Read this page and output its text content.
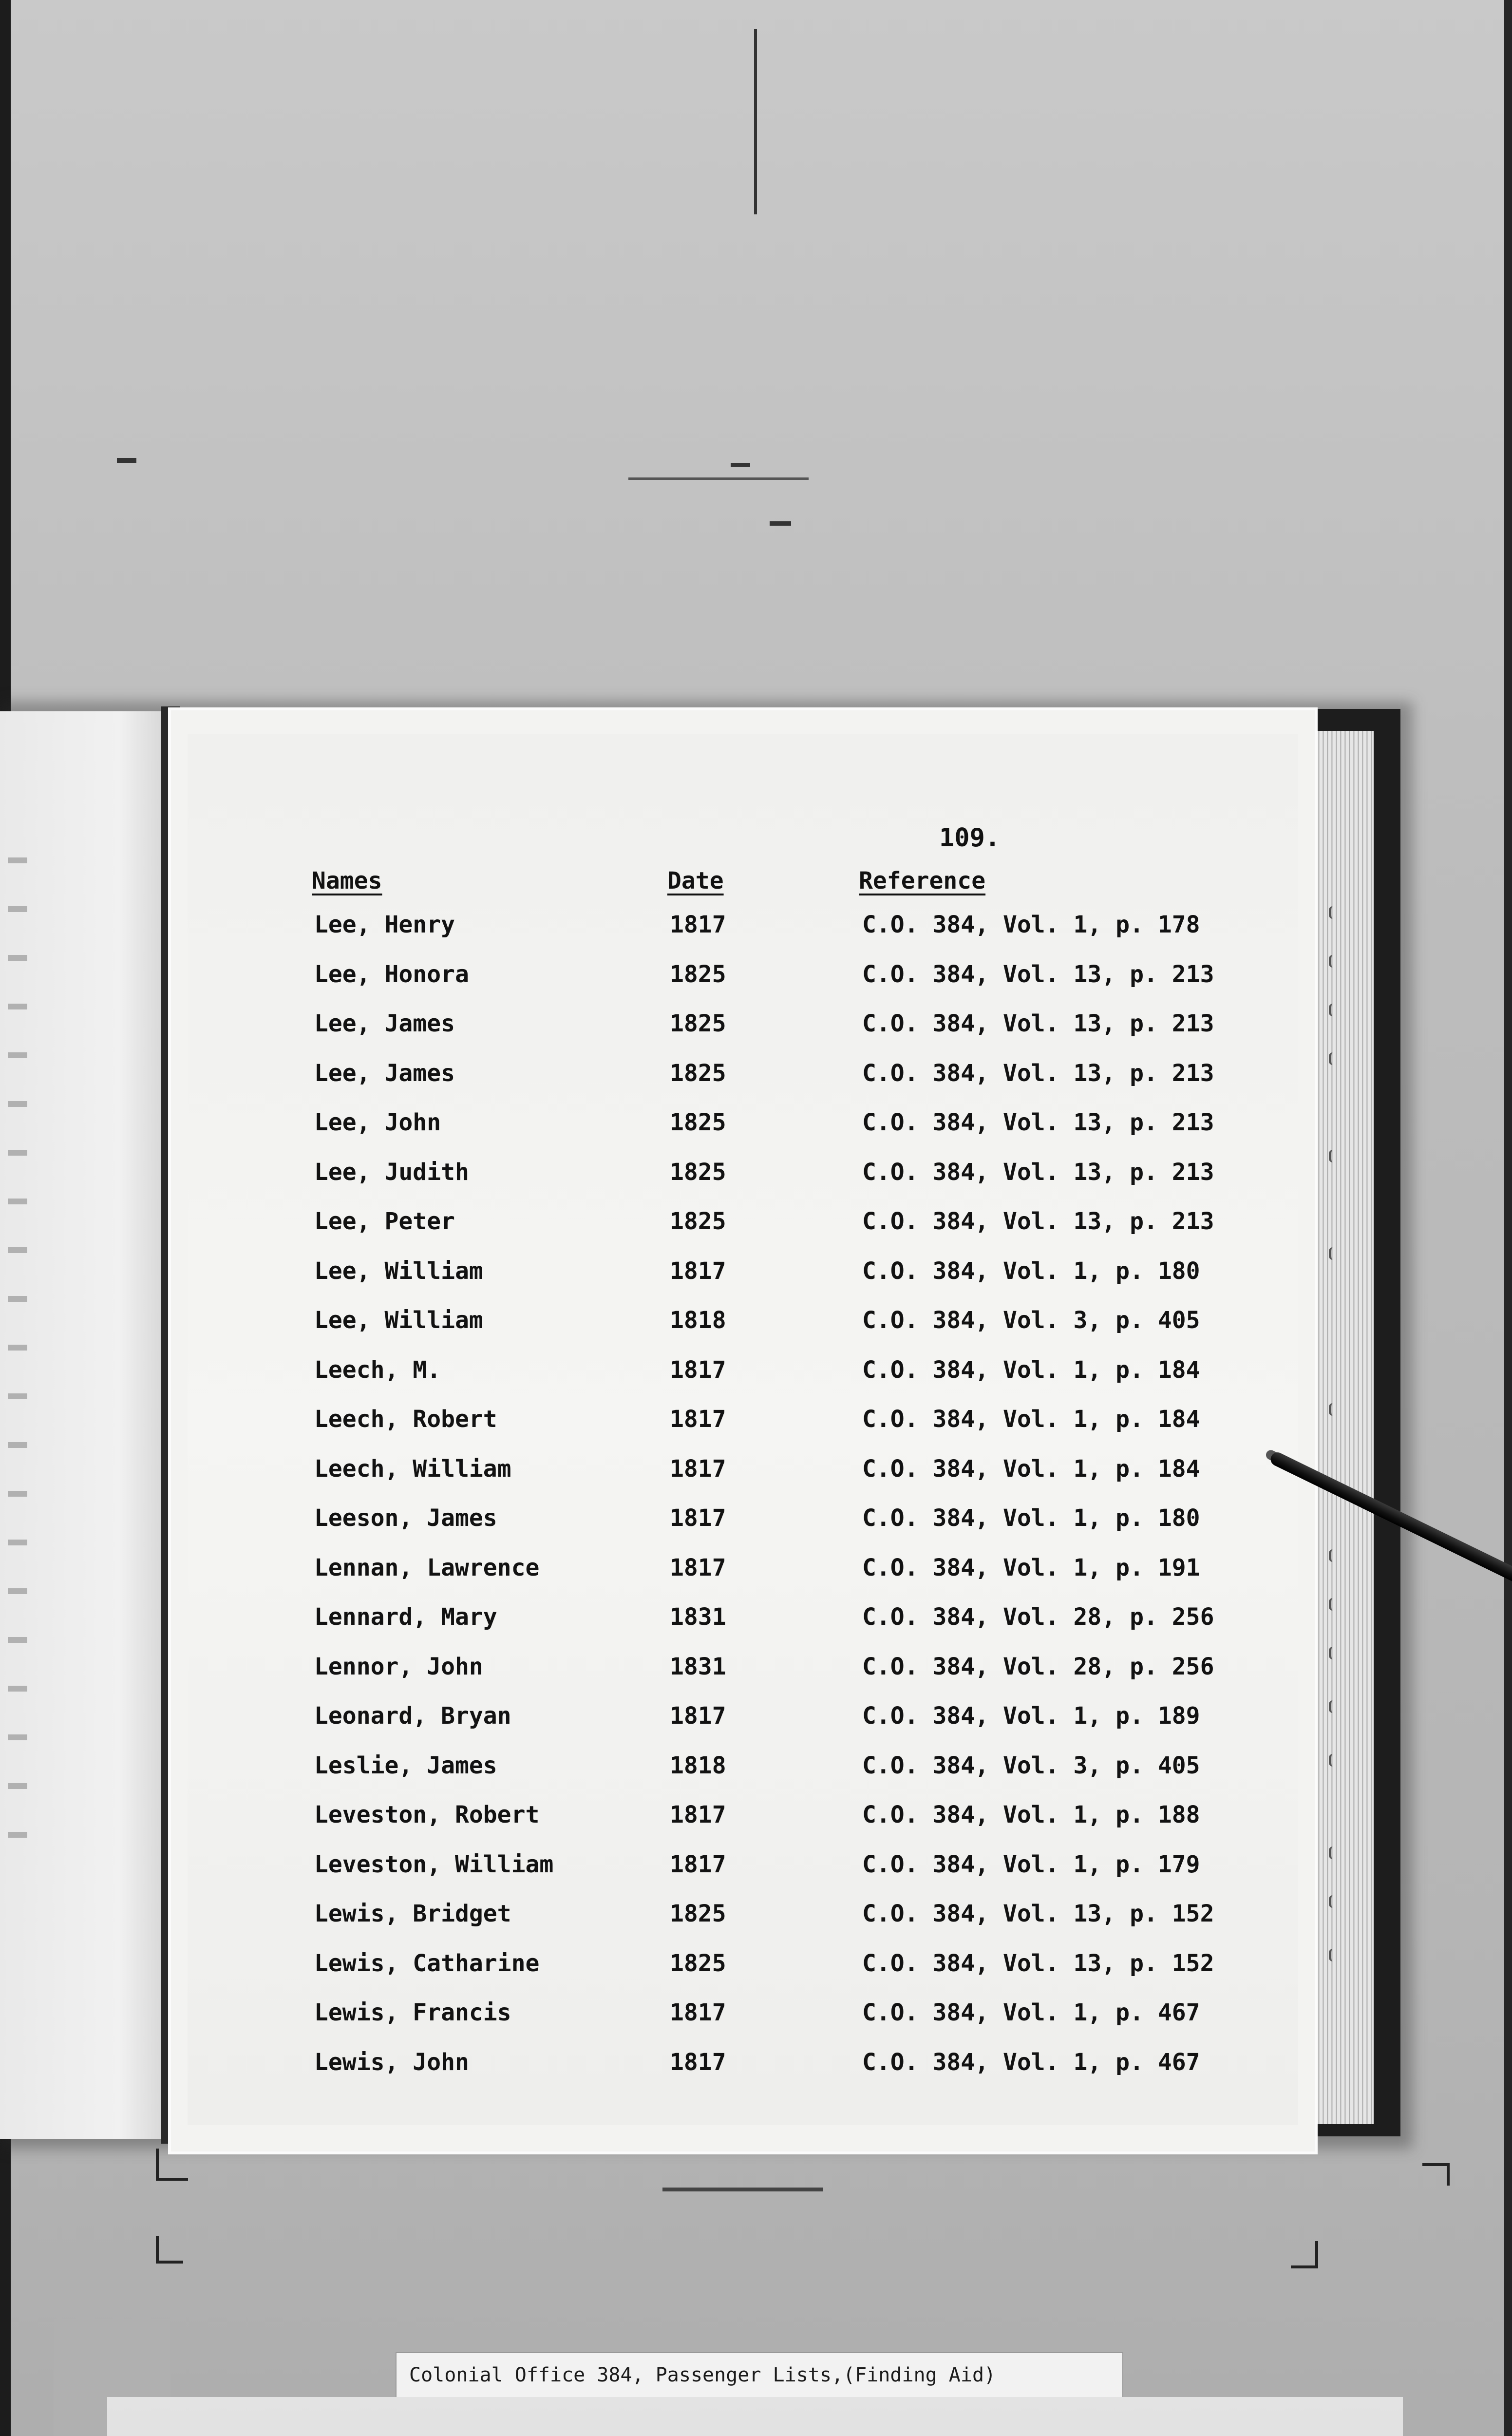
109.
Names	Date	Reference
Lee, Henry	1817	C.O. 384, Vol. 1, p. 178
Lee, Honora	1825	C.O. 384, Vol. 13, p. 213
Lee, James	1825	C.O. 384, Vol. 13, p. 213
Lee, James	1825	C.O. 384, Vol. 13, p. 213
Lee, John	1825	C.O. 384, Vol. 13, p. 213
Lee, Judith	1825	C.O. 384, Vol. 13, p. 213
Lee, Peter	1825	C.O. 384, Vol. 13, p. 213
Lee, William	1817	C.O. 384, Vol. 1, p. 180
Lee, William	1818	C.O. 384, Vol. 3, p. 405
Leech, M.	1817	C.O. 384, Vol. 1, p. 184
Leech, Robert	1817	C.O. 384, Vol. 1, p. 184
Leech, William	1817	C.O. 384, Vol. 1, p. 184
Leeson, James	1817	C.O. 384, Vol. 1, p. 180
Lennan, Lawrence	1817	C.O. 384, Vol. 1, p. 191
Lennard, Mary	1831	C.O. 384, Vol. 28, p. 256
Lennor, John	1831	C.O. 384, Vol. 28, p. 256
Leonard, Bryan	1817	C.O. 384, Vol. 1, p. 189
Leslie, James	1818	C.O. 384, Vol. 3, p. 405
Leveston, Robert	1817	C.O. 384, Vol. 1, p. 188
Leveston, William	1817	C.O. 384, Vol. 1, p. 179
Lewis, Bridget	1825	C.O. 384, Vol. 13, p. 152
Lewis, Catharine	1825	C.O. 384, Vol. 13, p. 152
Lewis, Francis	1817	C.O. 384, Vol. 1, p. 467
Lewis, John	1817	C.O. 384, Vol. 1, p. 467
Colonial Office 384, Passenger Lists,(Finding Aid)
